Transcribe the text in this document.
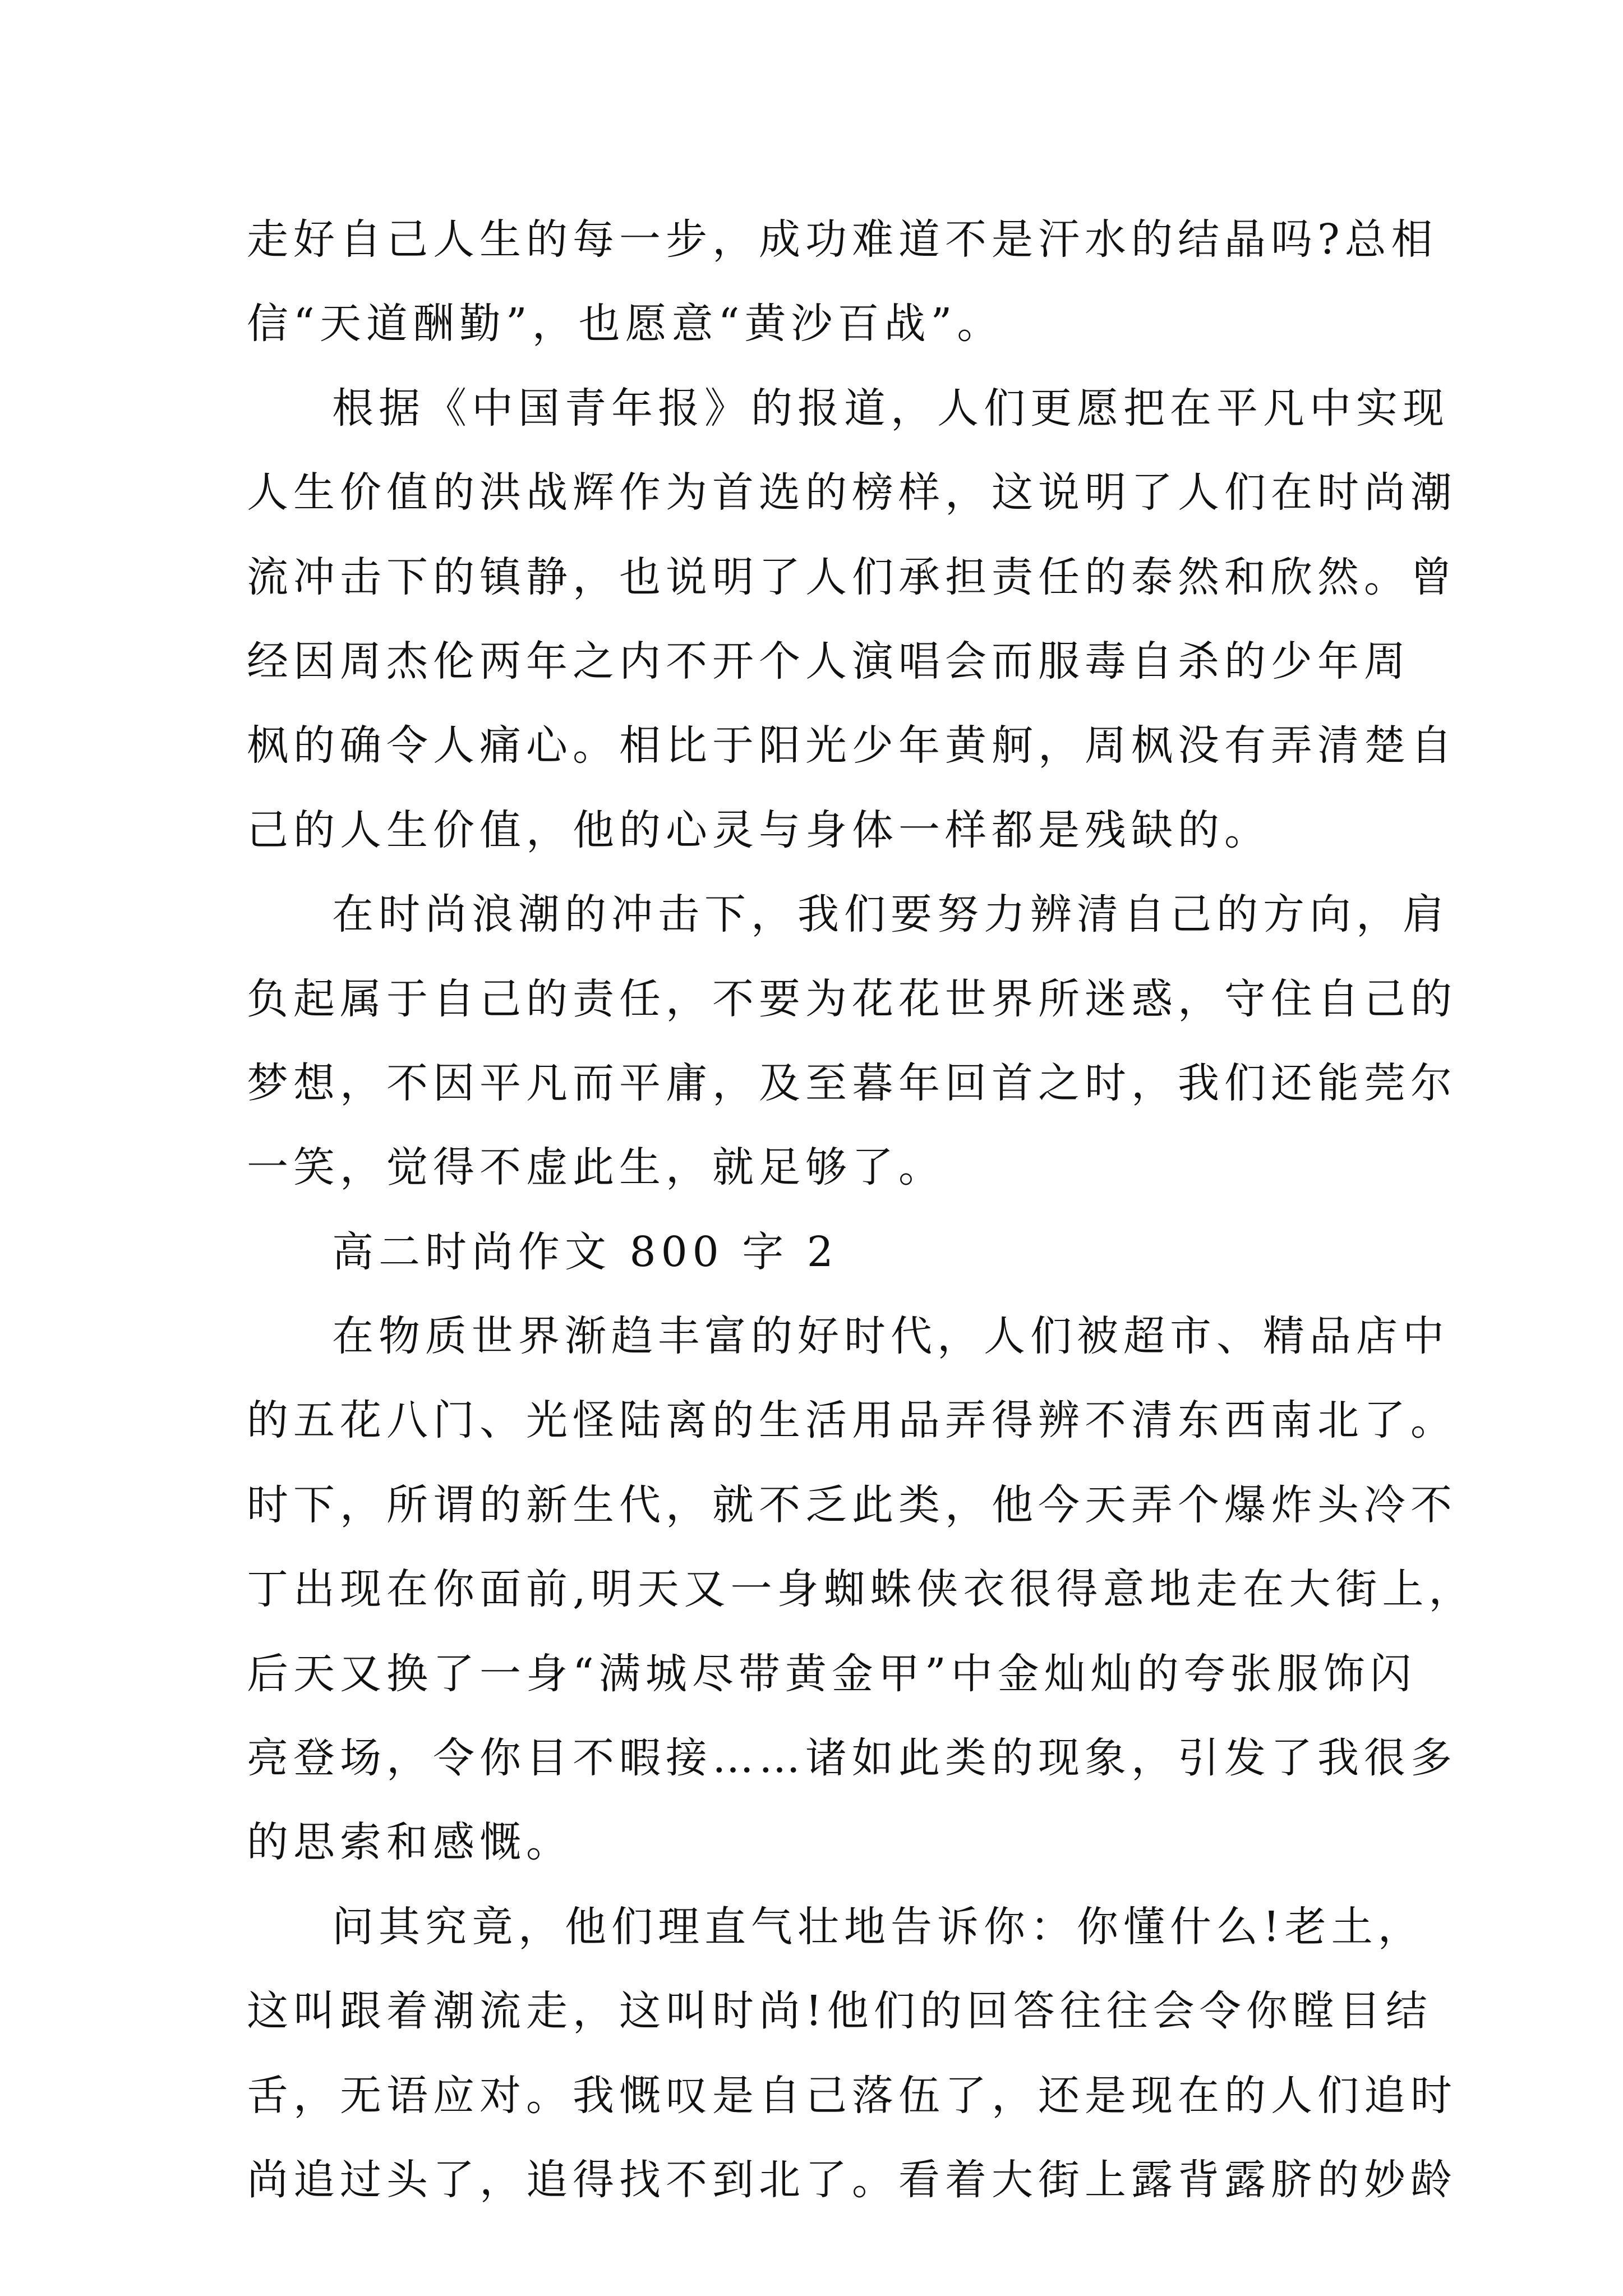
走好自己人生的每一步，成功难道不是汗水的结晶吗?总相
信“天道酬勤”，也愿意“黄沙百战”。
根据《中国青年报》的报道，人们更愿把在平凡中实现
人生价值的洪战辉作为首选的榜样，这说明了人们在时尚潮
流冲击下的镇静，也说明了人们承担责任的泰然和欣然。曾
经因周杰伦两年之内不开个人演唱会而服毒自杀的少年周
枫的确令人痛心。相比于阳光少年黄舸，周枫没有弄清楚自
己的人生价值，他的心灵与身体一样都是残缺的。
在时尚浪潮的冲击下，我们要努力辨清自己的方向，肩
负起属于自己的责任，不要为花花世界所迷惑，守住自己的
梦想，不因平凡而平庸，及至暮年回首之时，我们还能莞尔
一笑，觉得不虚此生，就足够了。
高二时尚作文 800 字 2
在物质世界渐趋丰富的好时代，人们被超市、精品店中
的五花八门、光怪陆离的生活用品弄得辨不清东西南北了。
时下，所谓的新生代，就不乏此类，他今天弄个爆炸头冷不
丁出现在你面前,明天又一身蜘蛛侠衣很得意地走在大街上，
后天又换了一身“满城尽带黄金甲”中金灿灿的夸张服饰闪
亮登场，令你目不暇接……诸如此类的现象，引发了我很多
的思索和感慨。
问其究竟，他们理直气壮地告诉你：你懂什么!老土，
这叫跟着潮流走，这叫时尚!他们的回答往往会令你瞠目结
舌，无语应对。我慨叹是自己落伍了，还是现在的人们追时
尚追过头了，追得找不到北了。看着大街上露背露脐的妙龄
